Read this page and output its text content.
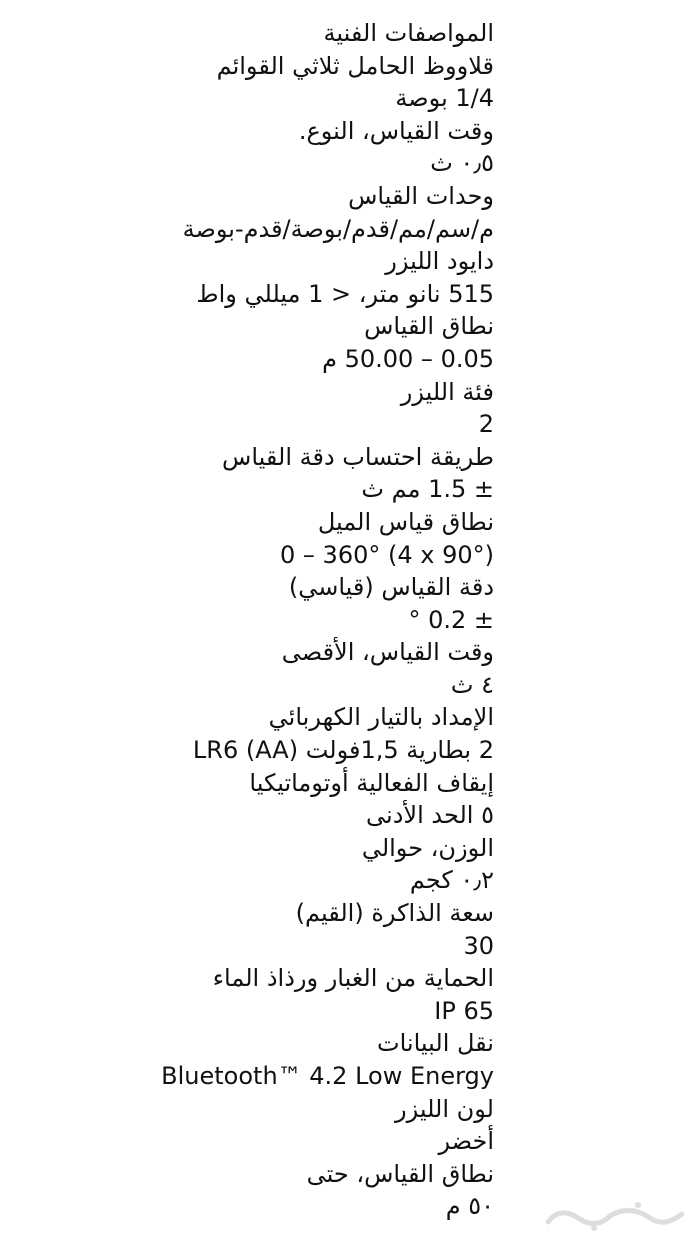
المواصفات الفنية
قلاووظ الحامل ثلاثي القوائم
1/4 بوصة
وقت القياس، النوع.
٠٫٥ ث
وحدات القياس
م/سم/مم/قدم/بوصة/قدم-بوصة
دايود الليزر
515 نانو متر، < 1 ميللي واط
نطاق القياس
0.05 – 50.00 م
فئة الليزر
2
طريقة احتساب دقة القياس
± 1.5 مم ث
نطاق قياس الميل
0 – 360° (4 x 90°)
دقة القياس (قياسي)
± 0.2 °
وقت القياس، الأقصى
٤ ث
الإمداد بالتيار الكهربائي
2 بطارية 1,5فولت LR6 (AA)
إيقاف الفعالية أوتوماتيكيا
٥ الحد الأدنى
الوزن، حوالي
٠٫٢ كجم
سعة الذاكرة (القيم)
30
الحماية من الغبار ورذاذ الماء
IP 65
نقل البيانات
Bluetooth™ 4.2 Low Energy
لون الليزر
أخضر
نطاق القياس، حتى
٥٠ م
